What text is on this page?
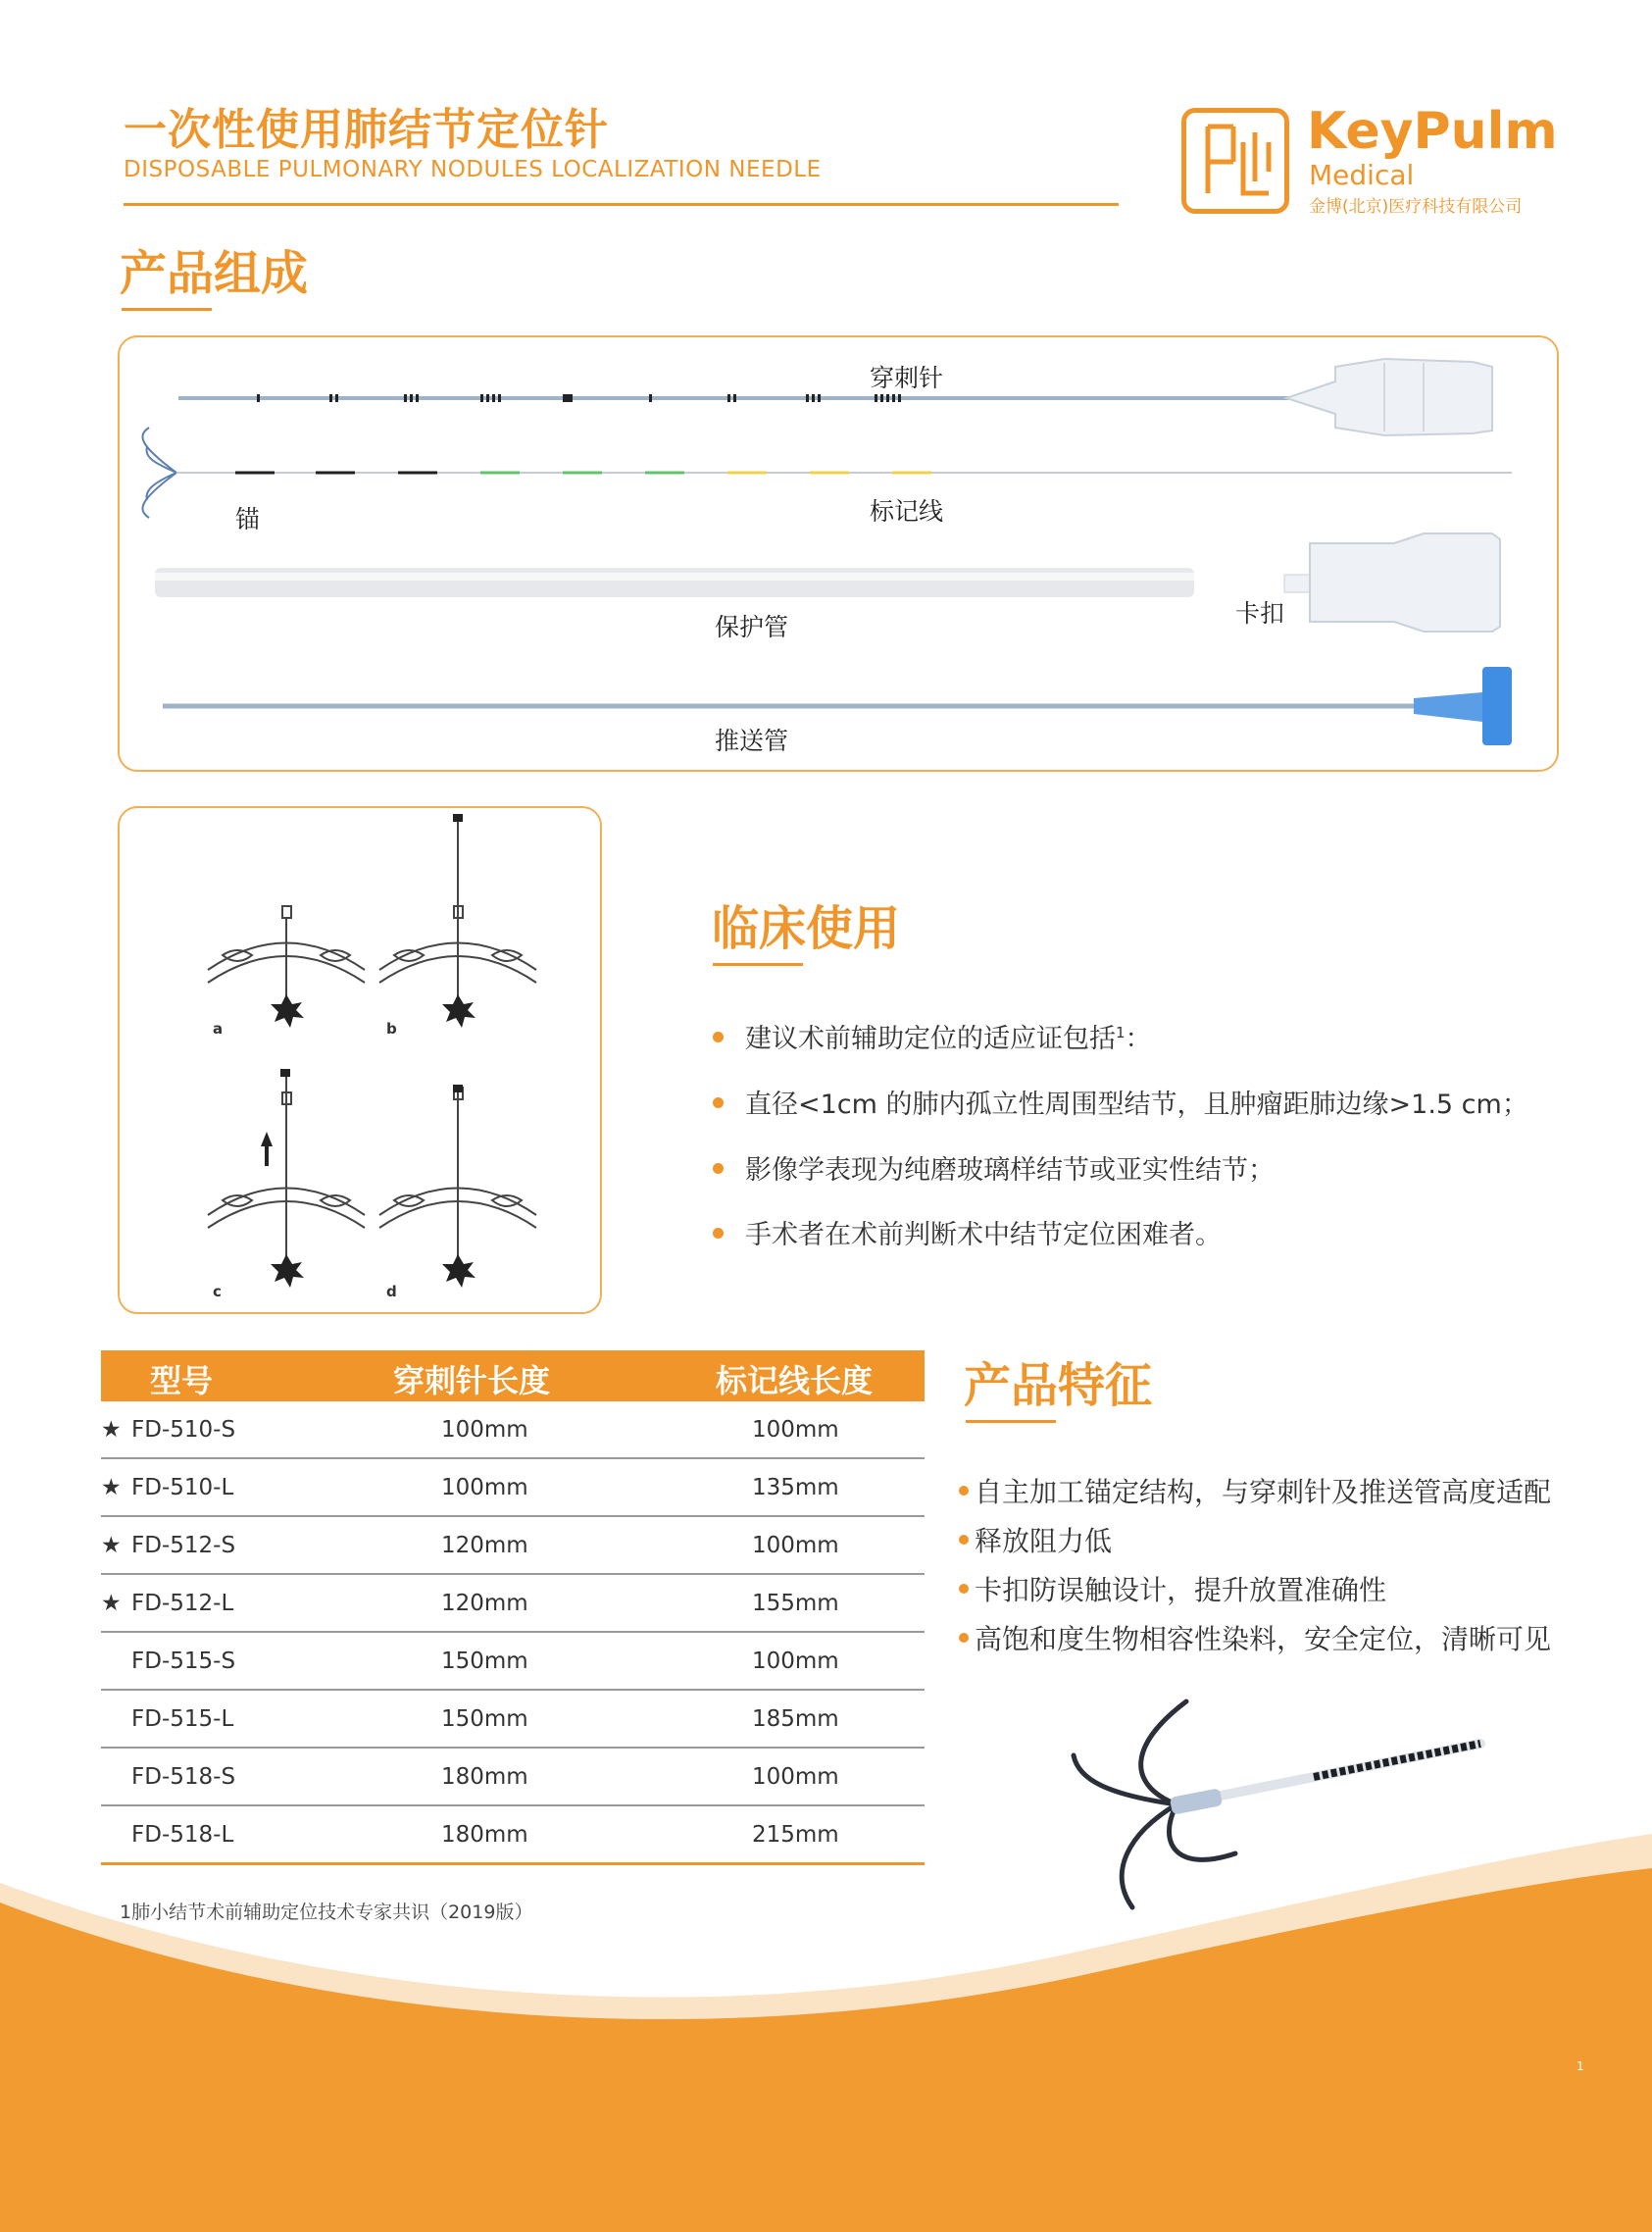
一次性使用肺结节定位针
DISPOSABLE PULMONARY NODULES LOCALIZATION NEEDLE
KeyPulm
Medical
金博(北京)医疗科技有限公司
产品组成
穿刺针
锚	标记线
保护管	卡扣
推送管
a	b
c	d
临床使用
建议术前辅助定位的适应证包括$^1$：
直径<1cm 的肺内孤立性周围型结节，且肿瘤距肺边缘>1.5 cm；
影像学表现为纯磨玻璃样结节或亚实性结节；
手术者在术前判断术中结节定位困难者。
型号	穿刺针长度	标记线长度
★ FD-510-S	100mm	100mm
★ FD-510-L	100mm	135mm
★ FD-512-S	120mm	100mm
★ FD-512-L	120mm	155mm
FD-515-S	150mm	100mm
FD-515-L	150mm	185mm
FD-518-S	180mm	100mm
FD-518-L	180mm	215mm
产品特征
自主加工锚定结构，与穿刺针及推送管高度适配
释放阻力低
卡扣防误触设计，提升放置准确性
高饱和度生物相容性染料，安全定位，清晰可见
1肺小结节术前辅助定位技术专家共识（2019版）
1
